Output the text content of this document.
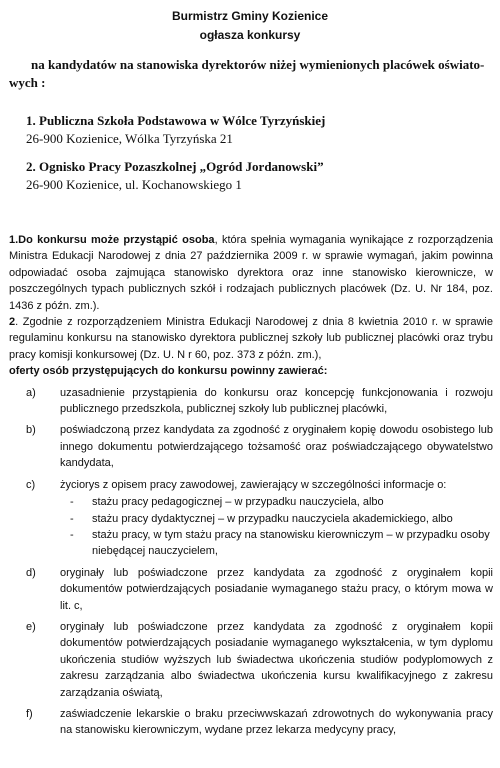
Burmistrz Gminy Kozienice
ogłasza konkursy
na kandydatów na stanowiska dyrektorów niżej wymienionych placówek oświato-wych :
1. Publiczna Szkoła Podstawowa w Wólce Tyrzyńskiej
26-900 Kozienice, Wólka Tyrzyńska 21
2. Ognisko Pracy Pozaszkolnej „Ogród Jordanowski”
26-900 Kozienice, ul. Kochanowskiego 1

1.Do konkursu może przystąpić osoba, która spełnia wymagania wynikające z rozporządzenia Ministra Edukacji Narodowej z dnia 27 października 2009 r. w sprawie wymagań, jakim powinna odpowiadać osoba zajmująca stanowisko dyrektora oraz inne stanowisko kierownicze, w poszczególnych typach publicznych szkół i rodzajach publicznych placówek (Dz. U. Nr 184, poz. 1436 z późn. zm.).

2. Zgodnie z rozporządzeniem Ministra Edukacji Narodowej z dnia 8 kwietnia 2010 r. w sprawie regulaminu konkursu na stanowisko dyrektora publicznej szkoły lub publicznej placówki oraz trybu pracy komisji konkursowej (Dz. U. N r 60, poz. 373 z późn. zm.),

oferty osób przystępujących do konkursu powinny zawierać:

a) uzasadnienie przystąpienia do konkursu oraz koncepcję funkcjonowania i rozwoju publicznego przedszkola, publicznej szkoły lub publicznej placówki,
b) poświadczoną przez kandydata za zgodność z oryginałem kopię dowodu osobistego lub innego dokumentu potwierdzającego tożsamość oraz poświadczającego obywatelstwo kandydata,
c) życiorys z opisem pracy zawodowej, zawierający w szczególności informacje o:
- stażu pracy pedagogicznej – w przypadku nauczyciela, albo
- stażu pracy dydaktycznej – w przypadku nauczyciela akademickiego, albo
- stażu pracy, w tym stażu pracy na stanowisku kierowniczym – w przypadku osoby niebędącej nauczycielem,
d) oryginały lub poświadczone przez kandydata za zgodność z oryginałem kopii dokumentów potwierdzających posiadanie wymaganego stażu pracy, o którym mowa w lit. c,
e) oryginały lub poświadczone przez kandydata za zgodność z oryginałem kopii dokumentów potwierdzających posiadanie wymaganego wykształcenia, w tym dyplomu ukończenia studiów wyższych lub świadectwa ukończenia studiów podyplomowych z zakresu zarządzania albo świadectwa ukończenia kursu kwalifikacyjnego z zakresu zarządzania oświatą,
f) zaświadczenie lekarskie o braku przeciwwskazań zdrowotnych do wykonywania pracy na stanowisku kierowniczym, wydane przez lekarza medycyny pracy,
